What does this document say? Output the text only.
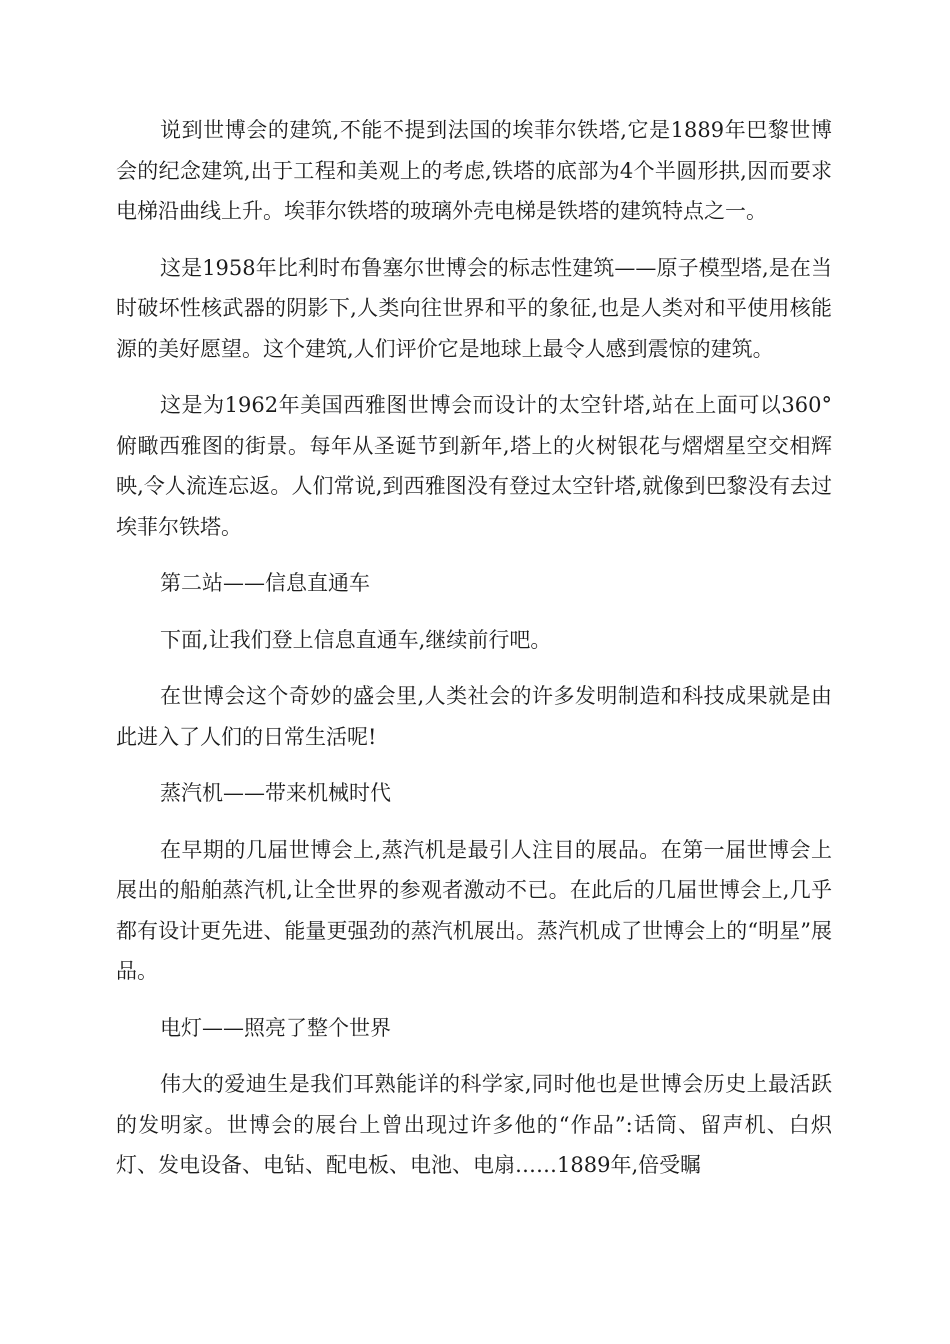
说到世博会的建筑,不能不提到法国的埃菲尔铁塔,它是1889年巴黎世博会的纪念建筑,出于工程和美观上的考虑,铁塔的底部为4个半圆形拱,因而要求电梯沿曲线上升。埃菲尔铁塔的玻璃外壳电梯是铁塔的建筑特点之一。

这是1958年比利时布鲁塞尔世博会的标志性建筑——原子模型塔,是在当时破坏性核武器的阴影下,人类向往世界和平的象征,也是人类对和平使用核能源的美好愿望。这个建筑,人们评价它是地球上最令人感到震惊的建筑。

这是为1962年美国西雅图世博会而设计的太空针塔,站在上面可以360°俯瞰西雅图的街景。每年从圣诞节到新年,塔上的火树银花与熠熠星空交相辉映,令人流连忘返。人们常说,到西雅图没有登过太空针塔,就像到巴黎没有去过埃菲尔铁塔。

第二站——信息直通车

下面,让我们登上信息直通车,继续前行吧。

在世博会这个奇妙的盛会里,人类社会的许多发明制造和科技成果就是由此进入了人们的日常生活呢!

蒸汽机——带来机械时代

在早期的几届世博会上,蒸汽机是最引人注目的展品。在第一届世博会上展出的船舶蒸汽机,让全世界的参观者激动不已。在此后的几届世博会上,几乎都有设计更先进、能量更强劲的蒸汽机展出。蒸汽机成了世博会上的“明星”展品。

电灯——照亮了整个世界

伟大的爱迪生是我们耳熟能详的科学家,同时他也是世博会历史上最活跃的发明家。世博会的展台上曾出现过许多他的“作品”:话筒、留声机、白炽灯、发电设备、电钻、配电板、电池、电扇……1889年,倍受瞩
